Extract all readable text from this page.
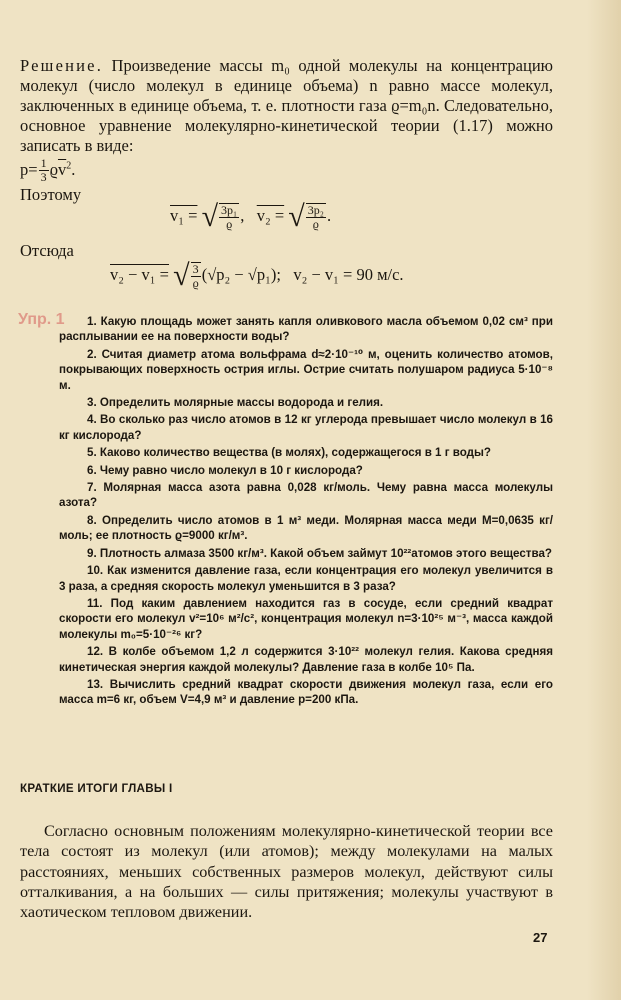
Решение. Произведение массы m₀ одной молекулы на концентрацию молекул (число молекул в единице объема) n равно массе молекул, заключенных в единице объема, т. е. плотности газа ϱ=m₀n. Следовательно, основное уравнение молекулярно-кинетической теории (1.17) можно записать в виде:
$p= \frac{1}{3} ϱ\overline{v}^2$.
Поэтому
v₁ = √ $\frac{\text{3p₁}}{ϱ}$ , v₂ = √ $\frac{\text{3p₂}}{ϱ}$ .
Отсюда
v₂ − v₁ = √ $\frac{3}{ϱ} (√p_2 - √p_1)$; v₂ − v₁ = 90 м/с.
Упр. 1	1. Какую площадь может занять капля оливкового масла объемом 0,02 см³ при расплывании ее на поверхности воды?

2. Считая диаметр атома вольфрама d≈2·10⁻¹⁰ м, оценить количество атомов, покрывающих поверхность острия иглы. Острие считать полушаром радиуса 5·10⁻⁸ м.

3. Определить молярные массы водорода и гелия.

4. Во сколько раз число атомов в 12 кг углерода превышает число молекул в 16 кг кислорода?

5. Каково количество вещества (в молях), содержащегося в 1 г воды?

6. Чему равно число молекул в 10 г кислорода?

7. Молярная масса азота равна 0,028 кг/моль. Чему равна масса молекулы азота?

8. Определить число атомов в 1 м³ меди. Молярная масса меди M=0,0635 кг/моль; ее плотность ϱ=9000 кг/м³.

9. Плотность алмаза 3500 кг/м³. Какой объем займут 10²²атомов этого вещества?

10. Как изменится давление газа, если концентрация его молекул увеличится в 3 раза, а средняя скорость молекул уменьшится в 3 раза?

11. Под каким давлением находится газ в сосуде, если средний квадрат скорости его молекул v²=10⁶ м²/с², концентрация молекул n=3·10²⁵ м⁻³, масса каждой молекулы m₀=5·10⁻²⁶ кг?

12. В колбе объемом 1,2 л содержится 3·10²² молекул гелия. Какова средняя кинетическая энергия каждой молекулы? Давление газа в колбе 10⁵ Па.

13. Вычислить средний квадрат скорости движения молекул газа, если его масса m=6 кг, объем V=4,9 м³ и давление p=200 кПа.

КРАТКИЕ ИТОГИ ГЛАВЫ I

Согласно основным положениям молекулярно-кинетической теории все тела состоят из молекул (или атомов); между молекулами на малых расстояниях, меньших собственных размеров молекул, действуют силы отталкивания, а на больших — силы притяжения; молекулы участвуют в хаотическом тепловом движении.

27
